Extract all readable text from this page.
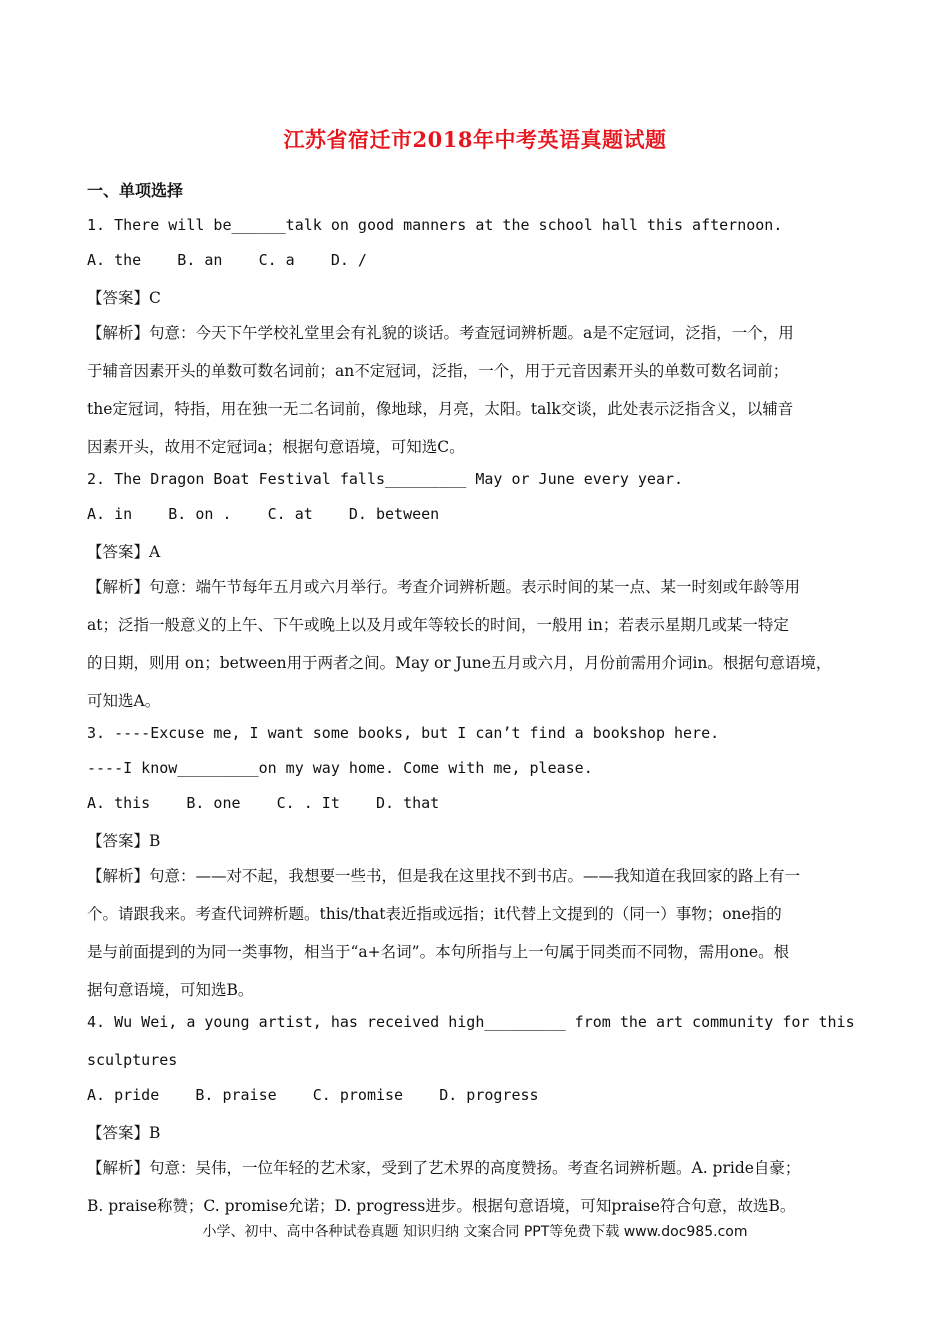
江苏省宿迁市2018年中考英语真题试题
一、单项选择
1. There will be______talk on good manners at the school hall this afternoon.
A. the    B. an    C. a    D. /
【答案】C
【解析】句意：今天下午学校礼堂里会有礼貌的谈话。考查冠词辨析题。a是不定冠词，泛指，一个，用
于辅音因素开头的单数可数名词前；an不定冠词，泛指，一个，用于元音因素开头的单数可数名词前；
the定冠词，特指，用在独一无二名词前，像地球，月亮，太阳。talk交谈，此处表示泛指含义，以辅音
因素开头，故用不定冠词a；根据句意语境，可知选C。
2. The Dragon Boat Festival falls_________ May or June every year.
A. in    B. on .    C. at    D. between
【答案】A
【解析】句意：端午节每年五月或六月举行。考查介词辨析题。表示时间的某一点、某一时刻或年龄等用
at；泛指一般意义的上午、下午或晚上以及月或年等较长的时间，一般用 in；若表示星期几或某一特定
的日期，则用 on；between用于两者之间。May or June五月或六月，月份前需用介词in。根据句意语境，
可知选A。
3. ----Excuse me, I want some books, but I can’t find a bookshop here.
----I know_________on my way home. Come with me, please.
A. this    B. one    C. . It    D. that
【答案】B
【解析】句意：——对不起，我想要一些书，但是我在这里找不到书店。——我知道在我回家的路上有一
个。请跟我来。考查代词辨析题。this/that表近指或远指；it代替上文提到的（同一）事物；one指的
是与前面提到的为同一类事物，相当于“a+名词”。本句所指与上一句属于同类而不同物，需用one。根
据句意语境，可知选B。
4. Wu Wei, a young artist, has received high_________ from the art community for this
sculptures
A. pride    B. praise    C. promise    D. progress
【答案】B
【解析】句意：吴伟，一位年轻的艺术家，受到了艺术界的高度赞扬。考查名词辨析题。A. pride自豪；
B. praise称赞；C. promise允诺；D. progress进步。根据句意语境，可知praise符合句意，故选B。
小学、初中、高中各种试卷真题 知识归纳 文案合同 PPT等免费下载 www.doc985.com
